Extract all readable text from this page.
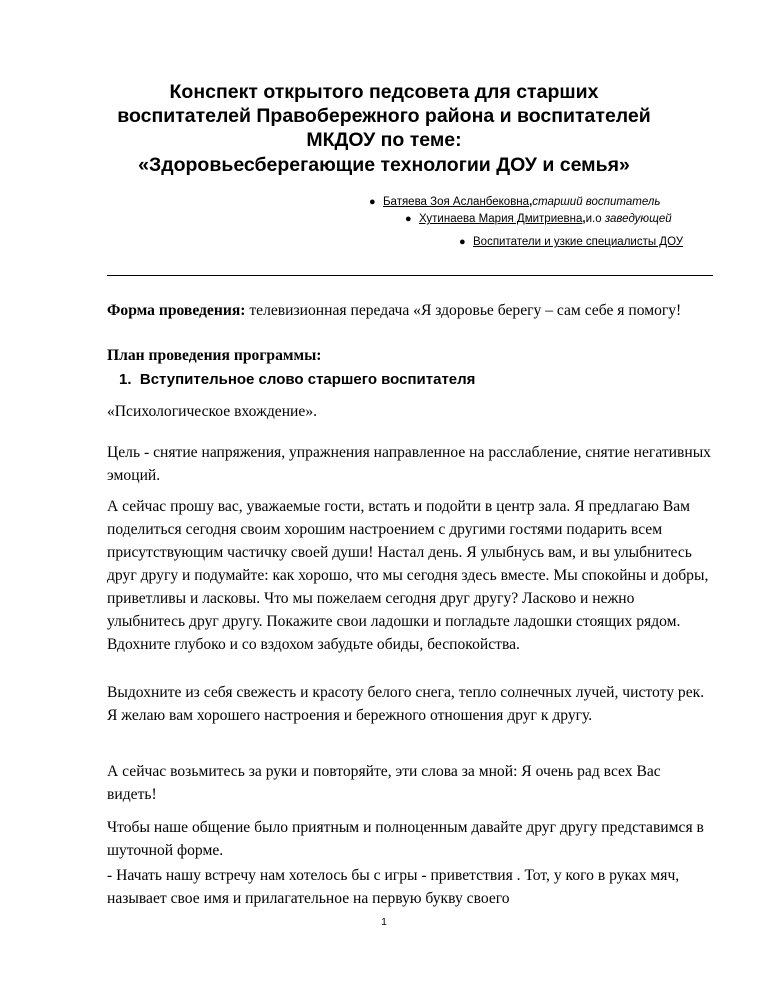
Конспект открытого педсовета для старших
воспитателей Правобережного района и воспитателей
МКДОУ по теме:
«Здоровьесберегающие технологии ДОУ и семья»
● Батяева Зоя Асланбековна,старший воспитатель
● Хутинаева Мария Дмитриевна,и.о заведующей
● Воспитатели и узкие специалисты ДОУ

Форма проведения: телевизионная передача «Я здоровье берегу – сам себе я помогу!

План проведения программы:

1. Вступительное слово старшего воспитателя

«Психологическое вхождение».

Цель - снятие напряжения, упражнения направленное на расслабление, снятие негативных эмоций.

А сейчас прошу вас, уважаемые гости, встать и подойти в центр зала. Я предлагаю Вам поделиться сегодня своим хорошим настроением с другими гостями подарить всем присутствующим частичку своей души! Настал день. Я улыбнусь вам, и вы улыбнитесь друг другу и подумайте: как хорошо, что мы сегодня здесь вместе. Мы спокойны и добры, приветливы и ласковы. Что мы пожелаем сегодня друг другу? Ласково и нежно улыбнитесь друг другу. Покажите свои ладошки и погладьте ладошки стоящих рядом. Вдохните глубоко и со вздохом забудьте обиды, беспокойства.

Выдохните из себя свежесть и красоту белого снега, тепло солнечных лучей, чистоту рек. Я желаю вам хорошего настроения и бережного отношения друг к другу.

А сейчас возьмитесь за руки и повторяйте, эти слова за мной: Я очень рад всех Вас видеть!

Чтобы наше общение было приятным и полноценным давайте друг другу представимся в шуточной форме.

- Начать нашу встречу нам хотелось бы с игры - приветствия . Тот, у кого в руках мяч, называет свое имя и прилагательное на первую букву своего

1
